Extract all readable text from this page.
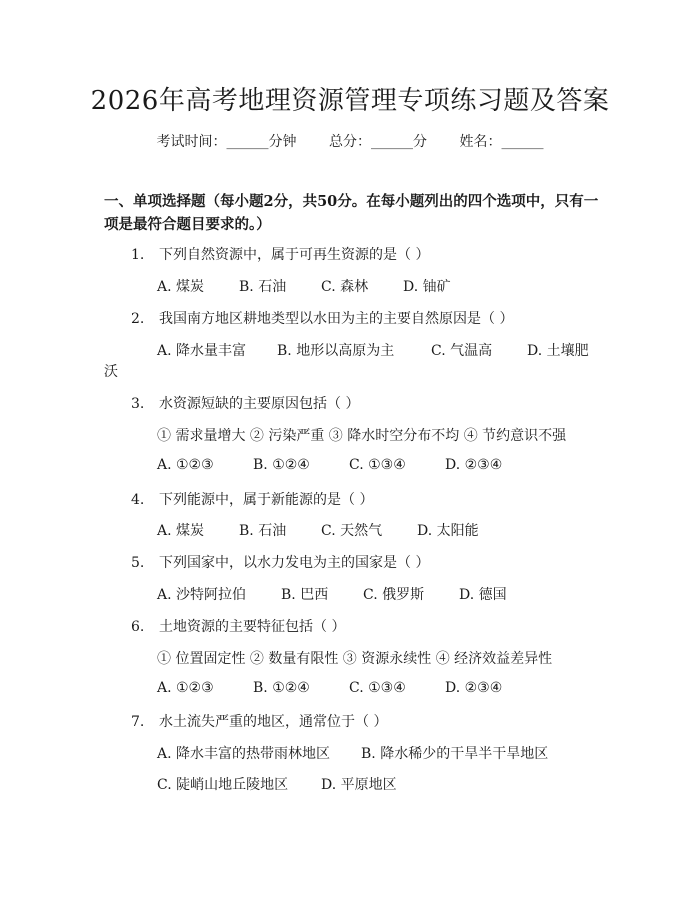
2026年高考地理资源管理专项练习题及答案
考试时间：______分钟 总分：______分 姓名：______
一、单项选择题（每小题2分，共50分。在每小题列出的四个选项中，只有一项是最符合题目要求的。）
1. 下列自然资源中，属于可再生资源的是（ ）
A. 煤炭 B. 石油 C. 森林 D. 铀矿
2. 我国南方地区耕地类型以水田为主的主要自然原因是（ ）
A. 降水量丰富 B. 地形以高原为主	C. 气温高 D. 土壤肥
沃
3. 水资源短缺的主要原因包括（ ）
① 需求量增大 ② 污染严重 ③ 降水时空分布不均 ④ 节约意识不强
A. ①②③	B. ①②④	C. ①③④	D. ②③④
4. 下列能源中，属于新能源的是（ ）
A. 煤炭 B. 石油 C. 天然气 D. 太阳能
5. 下列国家中，以水力发电为主的国家是（ ）
A. 沙特阿拉伯 B. 巴西 C. 俄罗斯 D. 德国
6. 土地资源的主要特征包括（ ）
① 位置固定性 ② 数量有限性 ③ 资源永续性 ④ 经济效益差异性
A. ①②③	B. ①②④	C. ①③④	D. ②③④
7. 水土流失严重的地区，通常位于（ ）
A. 降水丰富的热带雨林地区 B. 降水稀少的干旱半干旱地区
C. 陡峭山地丘陵地区 D. 平原地区
